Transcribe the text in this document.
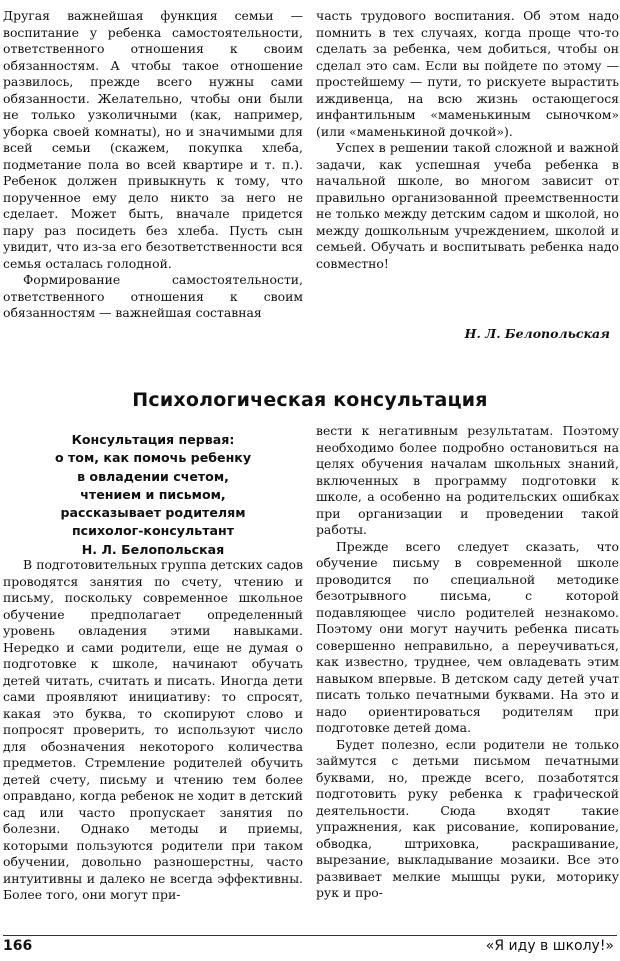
Другая важнейшая функция семьи — воспитание у ребенка самостоятельности, ответственного отношения к своим обязанностям. А чтобы такое отношение развилось, прежде всего нужны сами обязанности. Желательно, чтобы они были не только узколичными (как, например, уборка своей комнаты), но и значимыми для всей семьи (скажем, покупка хлеба, подметание пола во всей квартире и т. п.). Ребенок должен привыкнуть к тому, что порученное ему дело никто за него не сделает. Может быть, вначале придется пару раз посидеть без хлеба. Пусть сын увидит, что из-за его безответственности вся семья осталась голодной.

Формирование самостоятельности, ответственного отношения к своим обязанностям — важнейшая составная

часть трудового воспитания. Об этом надо помнить в тех случаях, когда проще что-то сделать за ребенка, чем добиться, чтобы он сделал это сам. Если вы пойдете по этому — простейшему — пути, то рискуете вырастить иждивенца, на всю жизнь остающегося инфантильным «маменькиным сыночком» (или «маменькиной дочкой»).

Успех в решении такой сложной и важной задачи, как успешная учеба ребенка в начальной школе, во многом зависит от правильно организованной преемственности не только между детским садом и школой, но между дошкольным учреждением, школой и семьей. Обучать и воспитывать ребенка надо совместно!

Н. Л. Белопольская
Психологическая консультация
Консультация первая:
о том, как помочь ребенку
в овладении счетом,
чтением и письмом,
рассказывает родителям
психолог-консультант
Н. Л. Белопольская

В подготовительных группа детских садов проводятся занятия по счету, чтению и письму, поскольку современное школьное обучение предполагает определенный уровень овладения этими навыками. Нередко и сами родители, еще не думая о подготовке к школе, начинают обучать детей читать, считать и писать. Иногда дети сами проявляют инициативу: то спросят, какая это буква, то скопируют слово и попросят проверить, то используют число для обозначения некоторого количества предметов. Стремление родителей обучить детей счету, письму и чтению тем более оправдано, когда ребенок не ходит в детский сад или часто пропускает занятия по болезни. Однако методы и приемы, которыми пользуются родители при таком обучении, довольно разношерстны, часто интуитивны и далеко не всегда эффективны. Более того, они могут при-

вести к негативным результатам. Поэтому необходимо более подробно остановиться на целях обучения началам школьных знаний, включенных в программу подготовки к школе, а особенно на родительских ошибках при организации и проведении такой работы.

Прежде всего следует сказать, что обучение письму в современной школе проводится по специальной методике безотрывного письма, с которой подавляющее число родителей незнакомо. Поэтому они могут научить ребенка писать совершенно неправильно, а переучиваться, как известно, труднее, чем овладевать этим навыком впервые. В детском саду детей учат писать только печатными буквами. На это и надо ориентироваться родителям при подготовке детей дома.

Будет полезно, если родители не только займутся с детьми письмом печатными буквами, но, прежде всего, позаботятся подготовить руку ребенка к графической деятельности. Сюда входят такие упражнения, как рисование, копирование, обводка, штриховка, раскрашивание, вырезание, выкладывание мозаики. Все это развивает мелкие мышцы руки, моторику рук и про-

166	«Я иду в школу!»
